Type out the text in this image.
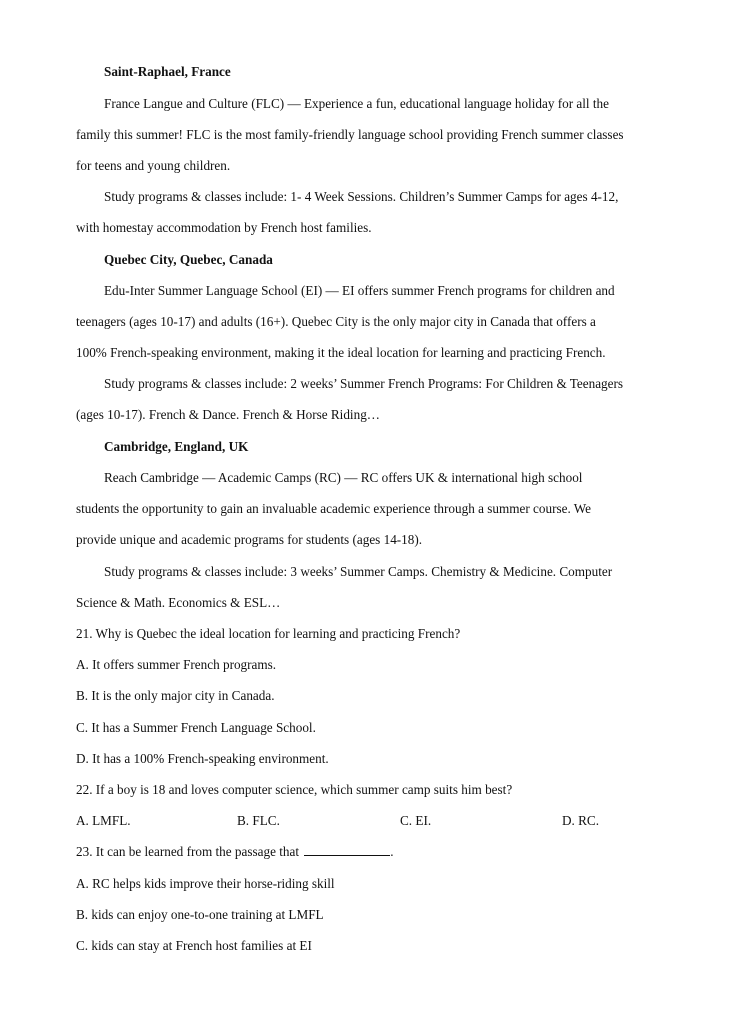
Saint-Raphael, France
France Langue and Culture (FLC) — Experience a fun, educational language holiday for all the
family this summer! FLC is the most family-friendly language school providing French summer classes
for teens and young children.
Study programs & classes include: 1- 4 Week Sessions. Children’s Summer Camps for ages 4-12,
with homestay accommodation by French host families.
Quebec City, Quebec, Canada
Edu-Inter Summer Language School (EI) — EI offers summer French programs for children and
teenagers (ages 10-17) and adults (16+). Quebec City is the only major city in Canada that offers a
100% French-speaking environment, making it the ideal location for learning and practicing French.
Study programs & classes include: 2 weeks’ Summer French Programs: For Children & Teenagers
(ages 10-17). French & Dance. French & Horse Riding…
Cambridge, England, UK
Reach Cambridge — Academic Camps (RC) — RC offers UK & international high school
students the opportunity to gain an invaluable academic experience through a summer course. We
provide unique and academic programs for students (ages 14-18).
Study programs & classes include: 3 weeks’ Summer Camps. Chemistry & Medicine. Computer
Science & Math. Economics & ESL…
21. Why is Quebec the ideal location for learning and practicing French?
A. It offers summer French programs.
B. It is the only major city in Canada.
C. It has a Summer French Language School.
D. It has a 100% French-speaking environment.
22. If a boy is 18 and loves computer science, which summer camp suits him best?
A. LMFL.	B. FLC.	C. EI.	D. RC.
23. It can be learned from the passage that	.
A. RC helps kids improve their horse-riding skill
B. kids can enjoy one-to-one training at LMFL
C. kids can stay at French host families at EI
